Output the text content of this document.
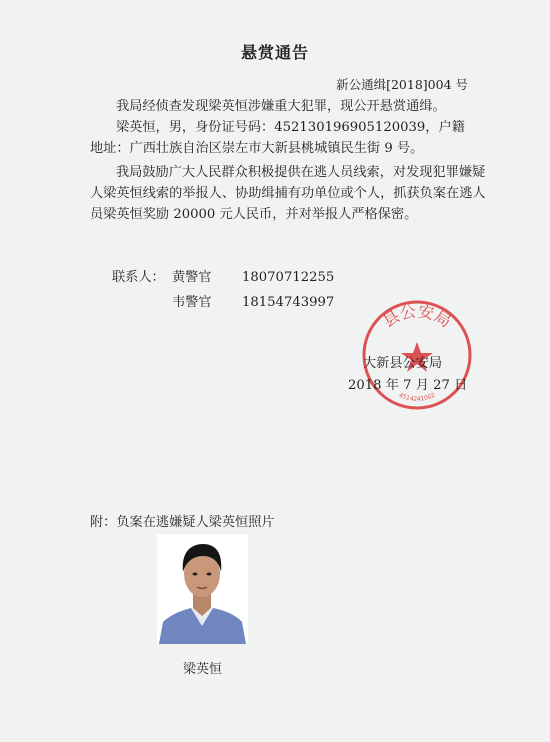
悬赏通告
新公通缉[2018]004 号

我局经侦查发现梁英恒涉嫌重大犯罪，现公开悬赏通缉。

梁英恒，男，身份证号码：452130196905120039，户籍

地址：广西壮族自治区崇左市大新县桃城镇民生街 9 号。

我局鼓励广大人民群众积极提供在逃人员线索，对发现犯罪嫌疑人梁英恒线索的举报人、协助缉捕有功单位或个人，抓获负案在逃人员梁英恒奖励 20000 元人民币，并对举报人严格保密。

联系人： 黄警官	18070712255
韦警官	18154743997
县公安局
4514241002
大新县公安局
2018 年 7 月 27 日
附：负案在逃嫌疑人梁英恒照片
梁英恒
